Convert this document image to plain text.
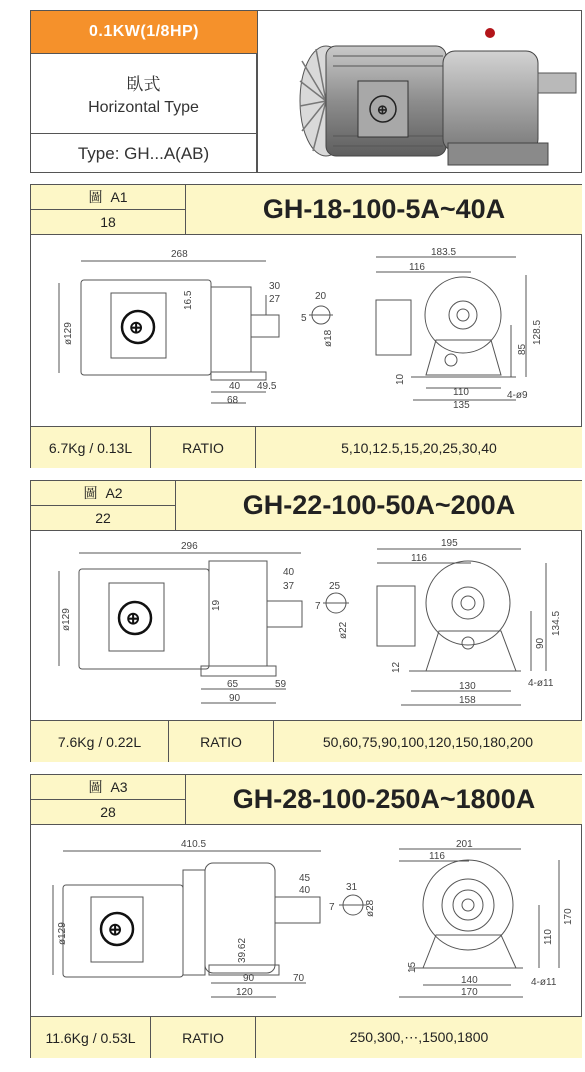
0.1KW(1/8HP)
臥式
Horizontal Type
Type: GH...A(AB)
⊕
圖 A1
18	GH-18-100-5A~40A
⊕
268
30
27
16.5
ø129
40 49.5
68
20
5
ø18
183.5
116
128.5
85
10
110
135
4-ø9
6.7Kg / 0.13L	RATIO	5,10,12.5,15,20,25,30,40
圖 A2
22	GH-22-100-50A~200A
⊕
296
40
37
19
ø129
65	59
90
25
7
ø22
195
116
134.5
90
12
130
158
4-ø11
7.6Kg / 0.22L	RATIO	50,60,75,90,100,120,150,180,200
圖 A3
28	GH-28-100-250A~1800A
⊕
410.5
45
40
39.62
ø129
90	70
120
31
7	ø28
201
116
170
110
15
140
170
4-ø11
11.6Kg / 0.53L	RATIO	250,300,⋯,1500,1800
